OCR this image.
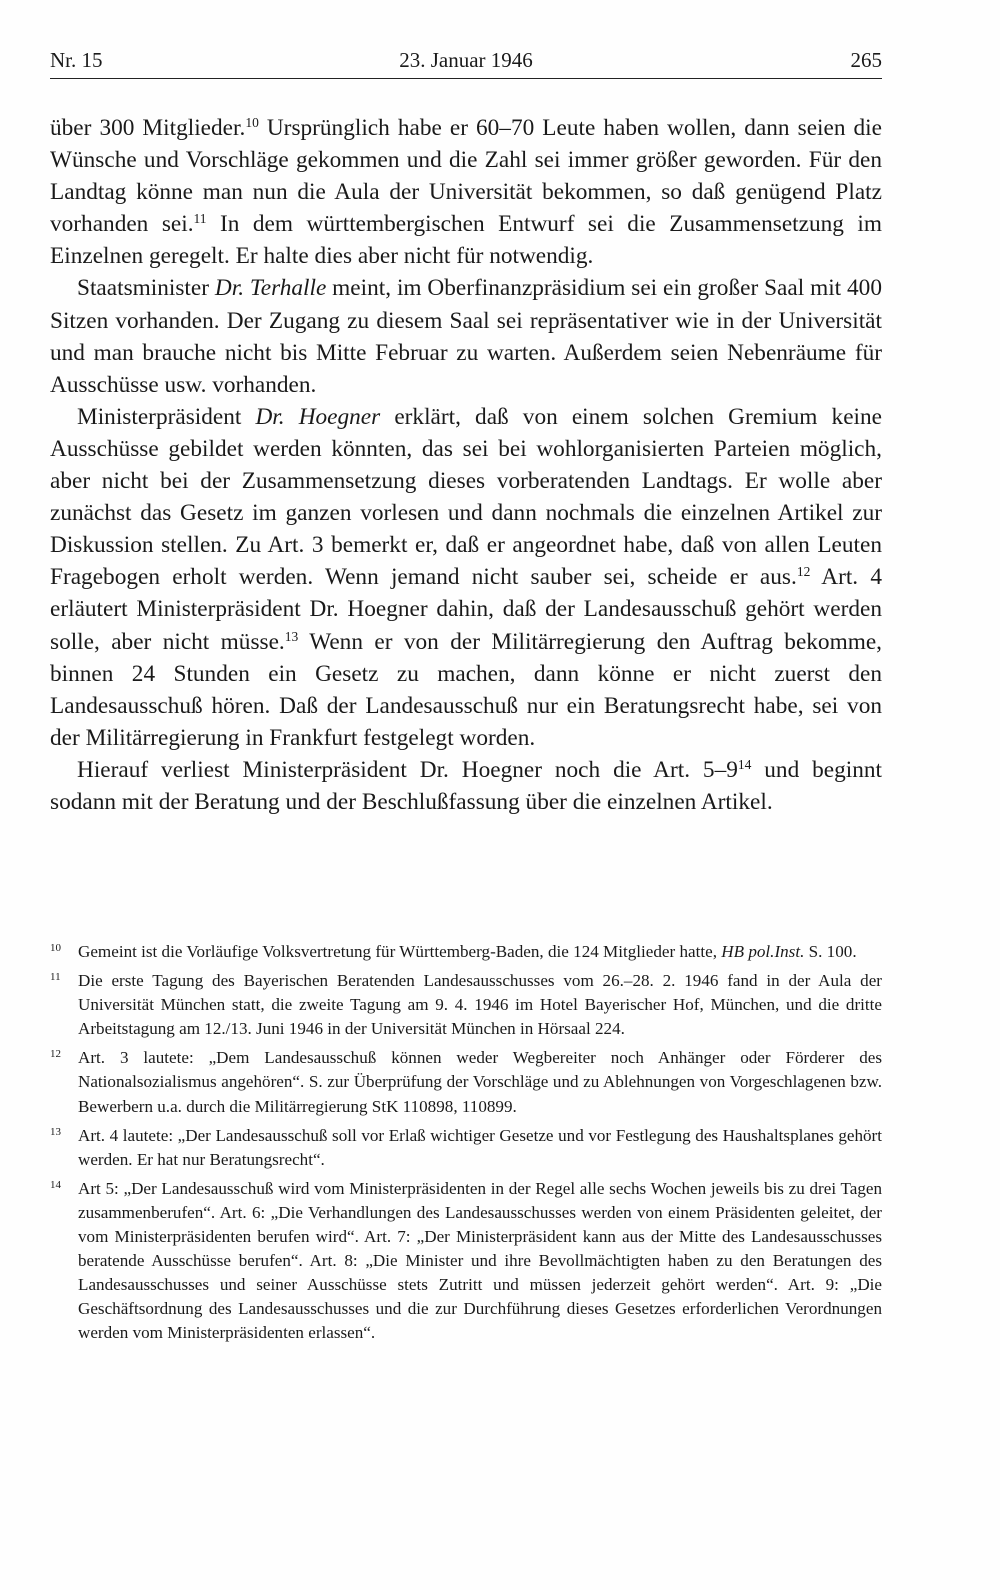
Nr. 15	23. Januar 1946	265

über 300 Mitglieder.$^{10}$ Ursprünglich habe er 60–70 Leute haben wollen, dann seien die Wünsche und Vorschläge gekommen und die Zahl sei immer größer geworden. Für den Landtag könne man nun die Aula der Universität bekommen, so daß genügend Platz vorhanden sei.$^{11}$ In dem württembergischen Entwurf sei die Zusammensetzung im Einzelnen geregelt. Er halte dies aber nicht für notwendig.

Staatsminister Dr. Terhalle meint, im Oberfinanzpräsidium sei ein großer Saal mit 400 Sitzen vorhanden. Der Zugang zu diesem Saal sei repräsentativer wie in der Universität und man brauche nicht bis Mitte Februar zu warten. Außerdem seien Nebenräume für Ausschüsse usw. vorhanden.

Ministerpräsident Dr. Hoegner erklärt, daß von einem solchen Gremium keine Ausschüsse gebildet werden könnten, das sei bei wohlorganisierten Parteien möglich, aber nicht bei der Zusammensetzung dieses vorberatenden Landtags. Er wolle aber zunächst das Gesetz im ganzen vorlesen und dann nochmals die einzelnen Artikel zur Diskussion stellen. Zu Art. 3 bemerkt er, daß er angeordnet habe, daß von allen Leuten Fragebogen erholt werden. Wenn jemand nicht sauber sei, scheide er aus.$^{12}$ Art. 4 erläutert Ministerpräsident Dr. Hoegner dahin, daß der Landesausschuß gehört werden solle, aber nicht müsse.$^{13}$ Wenn er von der Militärregierung den Auftrag bekomme, binnen 24 Stunden ein Gesetz zu machen, dann könne er nicht zuerst den Landesausschuß hören. Daß der Landesausschuß nur ein Beratungsrecht habe, sei von der Militärregierung in Frankfurt festgelegt worden.

Hierauf verliest Ministerpräsident Dr. Hoegner noch die Art. $5-9^{14}$ und beginnt sodann mit der Beratung und der Beschlußfassung über die einzelnen Artikel.

10 Gemeint ist die Vorläufige Volksvertretung für Württemberg-Baden, die 124 Mitglieder hatte, HB pol.Inst. S. 100.
11 Die erste Tagung des Bayerischen Beratenden Landesausschusses vom 26.–28. 2. 1946 fand in der Aula der Universität München statt, die zweite Tagung am 9. 4. 1946 im Hotel Bayerischer Hof, München, und die dritte Arbeitstagung am 12./13. Juni 1946 in der Universität München in Hörsaal 224.
12 Art. 3 lautete: „Dem Landesausschuß können weder Wegbereiter noch Anhänger oder Förderer des Nationalsozialismus angehören“. S. zur Überprüfung der Vorschläge und zu Ablehnungen von Vorgeschlagenen bzw. Bewerbern u.a. durch die Militärregierung StK 110898, 110899.
13 Art. 4 lautete: „Der Landesausschuß soll vor Erlaß wichtiger Gesetze und vor Festlegung des Haushaltsplanes gehört werden. Er hat nur Beratungsrecht“.
14 Art 5: „Der Landesausschuß wird vom Ministerpräsidenten in der Regel alle sechs Wochen jeweils bis zu drei Tagen zusammenberufen“. Art. 6: „Die Verhandlungen des Landesausschusses werden von einem Präsidenten geleitet, der vom Ministerpräsidenten berufen wird“. Art. 7: „Der Ministerpräsident kann aus der Mitte des Landesausschusses beratende Ausschüsse berufen“. Art. 8: „Die Minister und ihre Bevollmächtigten haben zu den Beratungen des Landesausschusses und seiner Ausschüsse stets Zutritt und müssen jederzeit gehört werden“. Art. 9: „Die Geschäftsordnung des Landesausschusses und die zur Durchführung dieses Gesetzes erforderlichen Verordnungen werden vom Ministerpräsidenten erlassen“.
